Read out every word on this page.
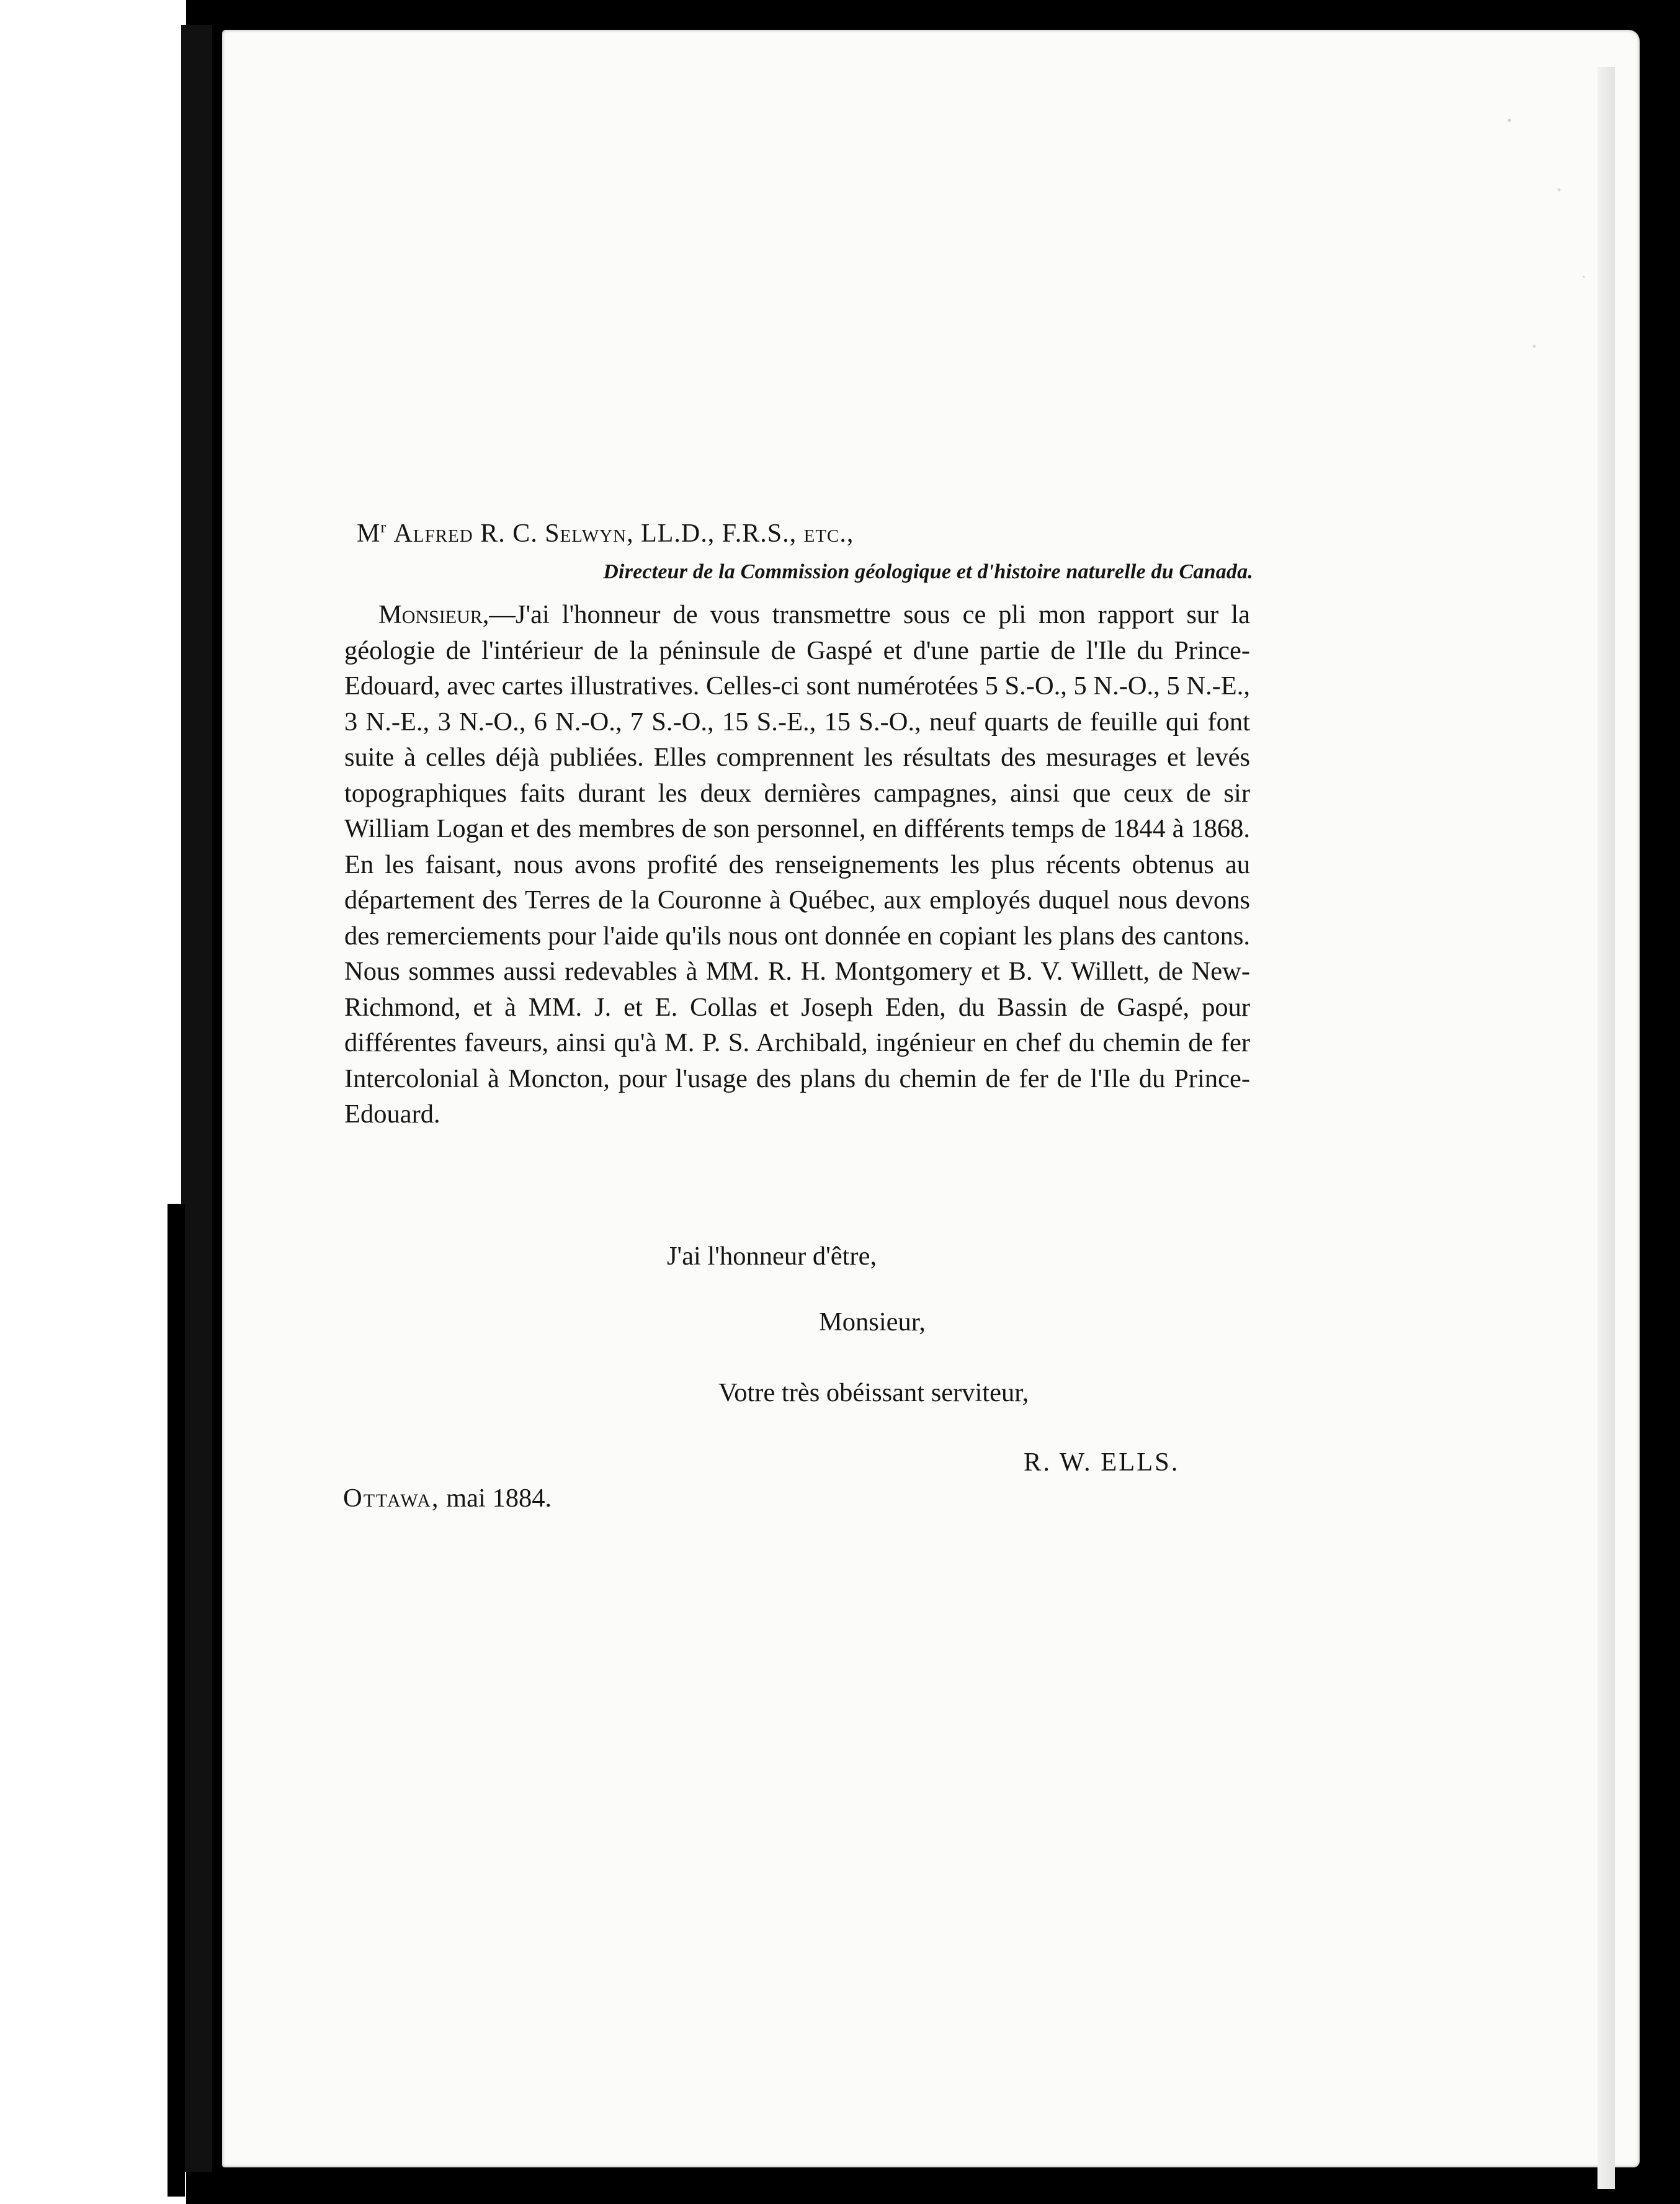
$M^r$ Alfred R. C. Selwyn, LL.D., F.R.S., etc.,
Directeur de la Commission géologique et d'histoire naturelle du Canada.
Monsieur,—J'ai l'honneur de vous transmettre sous ce pli mon rapport sur la géologie de l'intérieur de la péninsule de Gaspé et d'une partie de l'Ile du Prince-Edouard, avec cartes illustratives. Celles-ci sont numérotées 5 S.-O., 5 N.-O., 5 N.-E., 3 N.-E., 3 N.-O., 6 N.-O., 7 S.-O., 15 S.-E., 15 S.-O., neuf quarts de feuille qui font suite à celles déjà publiées. Elles comprennent les résultats des mesurages et levés topographiques faits durant les deux dernières campagnes, ainsi que ceux de sir William Logan et des membres de son personnel, en différents temps de 1844 à 1868. En les faisant, nous avons profité des renseignements les plus récents obtenus au département des Terres de la Couronne à Québec, aux employés duquel nous devons des remerciements pour l'aide qu'ils nous ont donnée en copiant les plans des cantons. Nous sommes aussi redevables à MM. R. H. Montgomery et B. V. Willett, de New-Richmond, et à MM. J. et E. Collas et Joseph Eden, du Bassin de Gaspé, pour différentes faveurs, ainsi qu'à M. P. S. Archibald, ingénieur en chef du chemin de fer Intercolonial à Moncton, pour l'usage des plans du chemin de fer de l'Ile du Prince-Edouard.
J'ai l'honneur d'être,
Monsieur,
Votre très obéissant serviteur,
R. W. ELLS.
Ottawa, mai 1884.
